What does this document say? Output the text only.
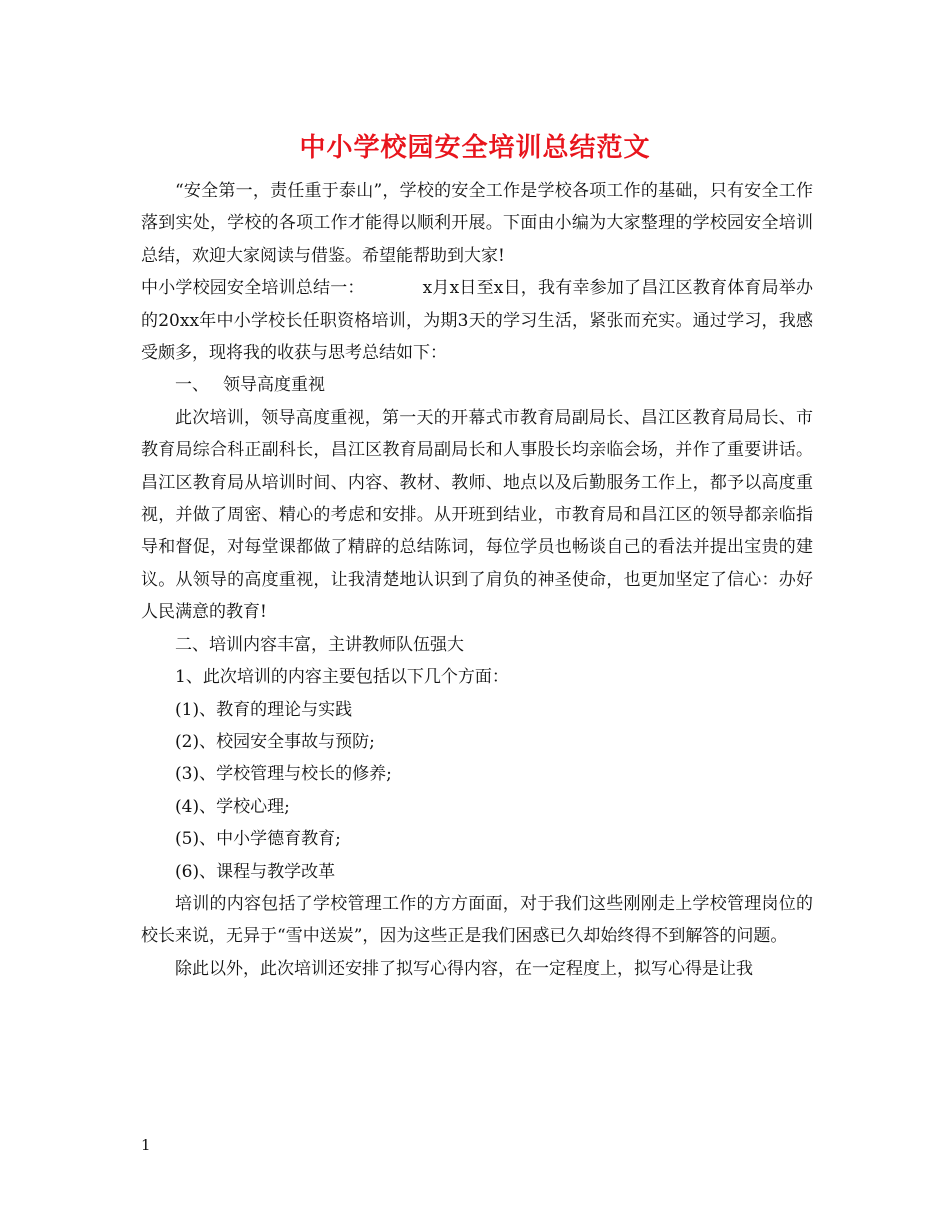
中小学校园安全培训总结范文

“安全第一，责任重于泰山”，学校的安全工作是学校各项工作的基础，只有安全工作落到实处，学校的各项工作才能得以顺利开展。下面由小编为大家整理的学校园安全培训总结，欢迎大家阅读与借鉴。希望能帮助到大家!

中小学校园安全培训总结一：	x月x日至x日，我有幸参加了昌江区教育体育局举办的20xx年中小学校长任职资格培训，为期3天的学习生活，紧张而充实。通过学习，我感受颇多，现将我的收获与思考总结如下：

一、 领导高度重视

此次培训，领导高度重视，第一天的开幕式市教育局副局长、昌江区教育局局长、市教育局综合科正副科长，昌江区教育局副局长和人事股长均亲临会场，并作了重要讲话。昌江区教育局从培训时间、内容、教材、教师、地点以及后勤服务工作上，都予以高度重视，并做了周密、精心的考虑和安排。从开班到结业，市教育局和昌江区的领导都亲临指导和督促，对每堂课都做了精辟的总结陈词，每位学员也畅谈自己的看法并提出宝贵的建议。从领导的高度重视，让我清楚地认识到了肩负的神圣使命，也更加坚定了信心：办好人民满意的教育!

二、培训内容丰富，主讲教师队伍强大

1、此次培训的内容主要包括以下几个方面：

(1)、教育的理论与实践

(2)、校园安全事故与预防;

(3)、学校管理与校长的修养;

(4)、学校心理;

(5)、中小学德育教育;

(6)、课程与教学改革

培训的内容包括了学校管理工作的方方面面，对于我们这些刚刚走上学校管理岗位的校长来说，无异于“雪中送炭”，因为这些正是我们困惑已久却始终得不到解答的问题。

除此以外，此次培训还安排了拟写心得内容，在一定程度上，拟写心得是让我

1
